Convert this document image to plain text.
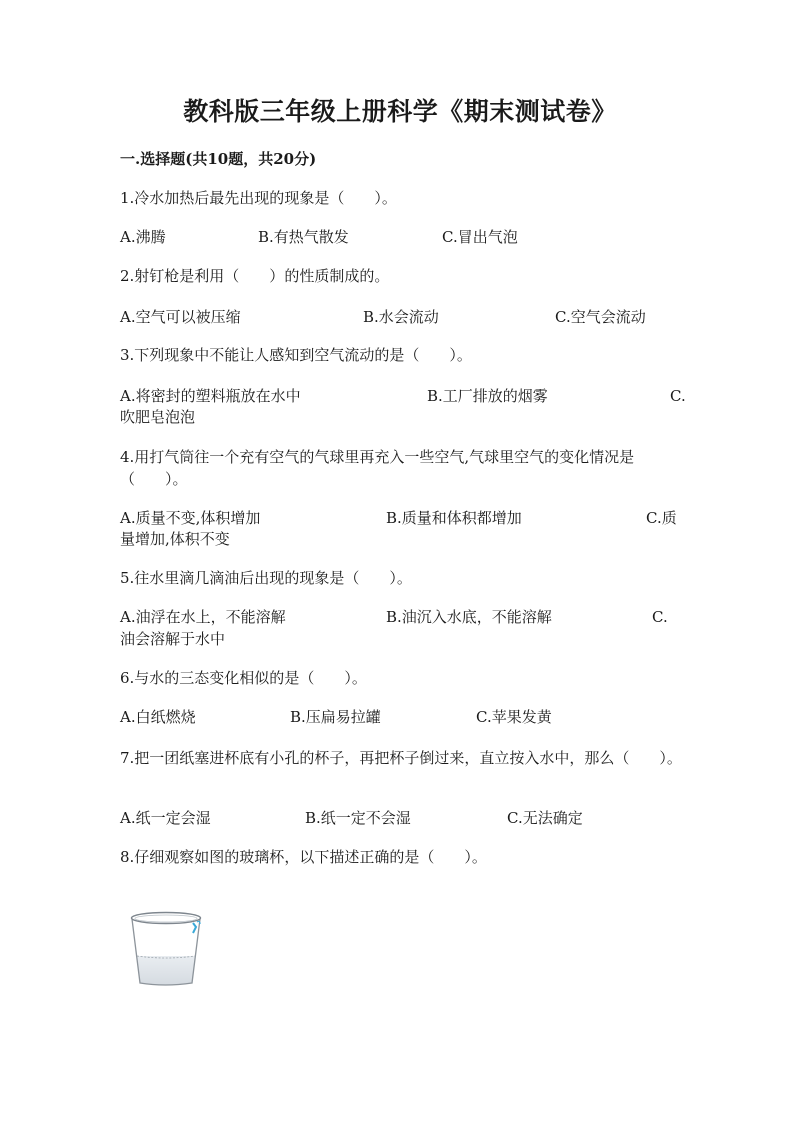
教科版三年级上册科学《期末测试卷》
一.选择题(共10题，共20分)
1.冷水加热后最先出现的现象是（　　）。
A.沸腾	B.有热气散发	C.冒出气泡
2.射钉枪是利用（　　）的性质制成的。
A.空气可以被压缩	B.水会流动	C.空气会流动
3.下列现象中不能让人感知到空气流动的是（　　）。
A.将密封的塑料瓶放在水中	B.工厂排放的烟雾	C.
吹肥皂泡泡
4.用打气筒往一个充有空气的气球里再充入一些空气,气球里空气的变化情况是（　　）。
A.质量不变,体积增加	B.质量和体积都增加	C.质
量增加,体积不变
5.往水里滴几滴油后出现的现象是（　　）。
A.油浮在水上，不能溶解	B.油沉入水底，不能溶解	C.
油会溶解于水中
6.与水的三态变化相似的是（　　）。
A.白纸燃烧	B.压扁易拉罐	C.苹果发黄
7.把一团纸塞进杯底有小孔的杯子，再把杯子倒过来，直立按入水中，那么（　　）。
A.纸一定会湿	B.纸一定不会湿	C.无法确定
8.仔细观察如图的玻璃杯，以下描述正确的是（　　）。
